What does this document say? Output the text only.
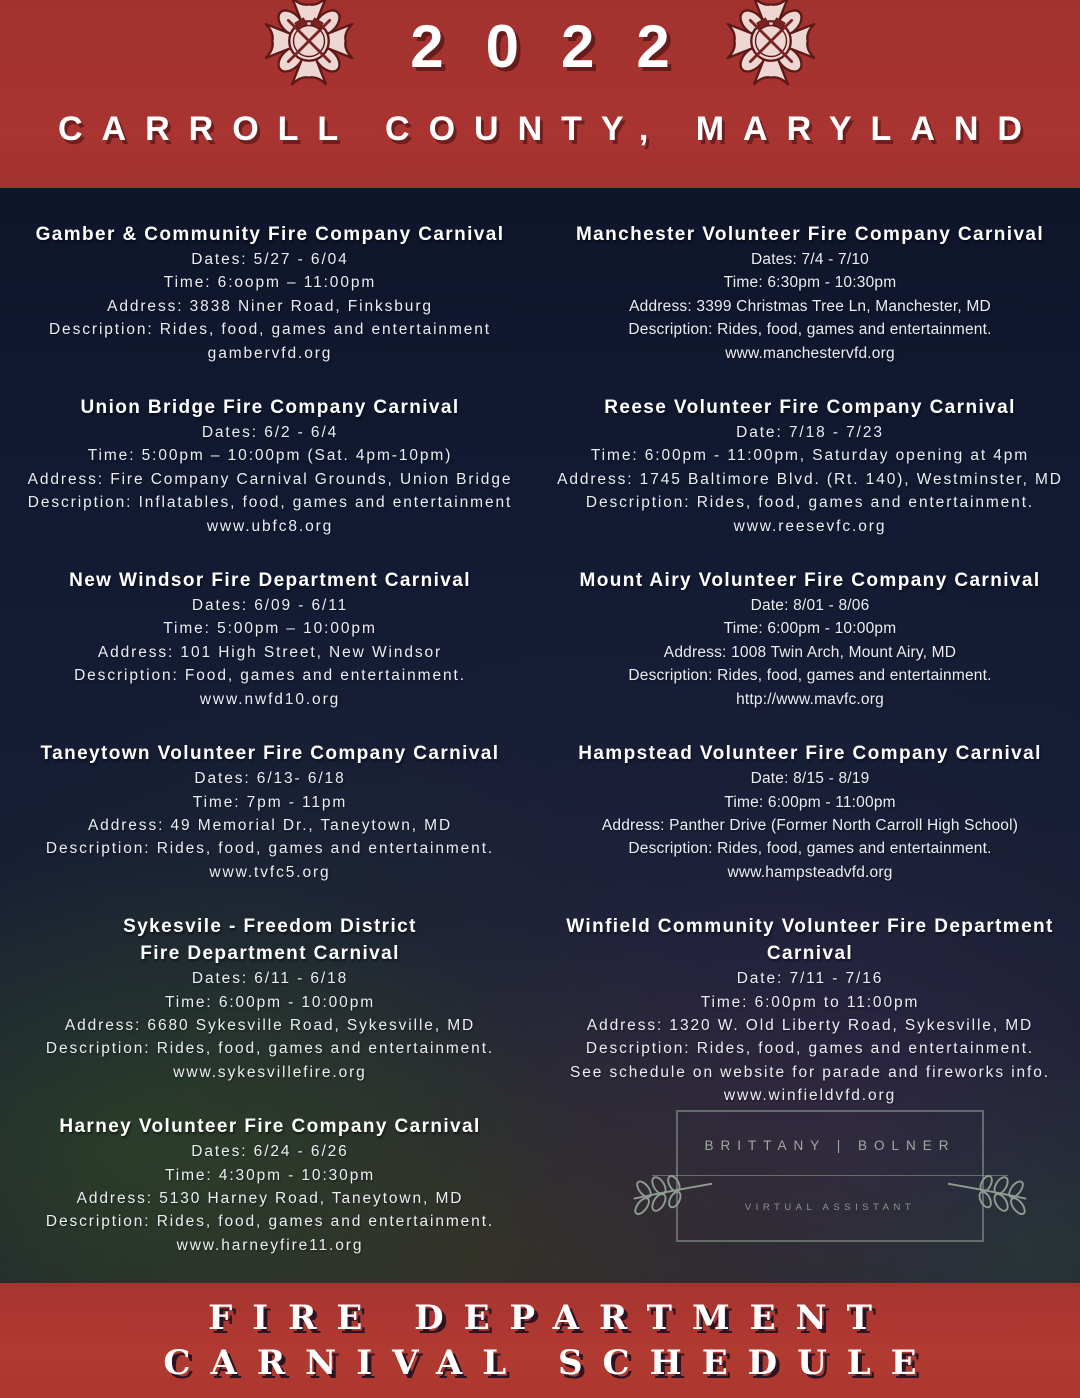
2022
CARROLL COUNTY, MARYLAND
Gamber & Community Fire Company Carnival
Dates: 5/27 - 6/04
Time: 6:oopm – 11:00pm
Address: 3838 Niner Road, Finksburg
Description: Rides, food, games and entertainment
gambervfd.org
Union Bridge Fire Company Carnival
Dates: 6/2 - 6/4
Time: 5:00pm – 10:00pm (Sat. 4pm-10pm)
Address: Fire Company Carnival Grounds, Union Bridge
Description: Inflatables, food, games and entertainment
www.ubfc8.org
New Windsor Fire Department Carnival
Dates: 6/09 - 6/11
Time: 5:00pm – 10:00pm
Address: 101 High Street, New Windsor
Description: Food, games and entertainment.
www.nwfd10.org
Taneytown Volunteer Fire Company Carnival
Dates: 6/13- 6/18
Time: 7pm - 11pm
Address: 49 Memorial Dr., Taneytown, MD
Description: Rides, food, games and entertainment.
www.tvfc5.org
Sykesvile - Freedom District
Fire Department Carnival
Dates: 6/11 - 6/18
Time: 6:00pm - 10:00pm
Address: 6680 Sykesville Road, Sykesville, MD
Description: Rides, food, games and entertainment.
www.sykesvillefire.org
Harney Volunteer Fire Company Carnival
Dates: 6/24 - 6/26
Time: 4:30pm - 10:30pm
Address: 5130 Harney Road, Taneytown, MD
Description: Rides, food, games and entertainment.
www.harneyfire11.org
Manchester Volunteer Fire Company Carnival
Dates: 7/4 - 7/10
Time: 6:30pm - 10:30pm
Address: 3399 Christmas Tree Ln, Manchester, MD
Description: Rides, food, games and entertainment.
www.manchestervfd.org
Reese Volunteer Fire Company Carnival
Date: 7/18 - 7/23
Time: 6:00pm - 11:00pm, Saturday opening at 4pm
Address: 1745 Baltimore Blvd. (Rt. 140), Westminster, MD
Description: Rides, food, games and entertainment.
www.reesevfc.org
Mount Airy Volunteer Fire Company Carnival
Date: 8/01 - 8/06
Time: 6:00pm - 10:00pm
Address: 1008 Twin Arch, Mount Airy, MD
Description: Rides, food, games and entertainment.
http://www.mavfc.org
Hampstead Volunteer Fire Company Carnival
Date: 8/15 - 8/19
Time: 6:00pm - 11:00pm
Address: Panther Drive (Former North Carroll High School)
Description: Rides, food, games and entertainment.
www.hampsteadvfd.org
Winfield Community Volunteer Fire Department
Carnival
Date: 7/11 - 7/16
Time: 6:00pm to 11:00pm
Address: 1320 W. Old Liberty Road, Sykesville, MD
Description: Rides, food, games and entertainment.
See schedule on website for parade and fireworks info.
www.winfieldvfd.org
BRITTANY | BOLNER
VIRTUAL ASSISTANT
FIRE DEPARTMENT
CARNIVAL SCHEDULE
